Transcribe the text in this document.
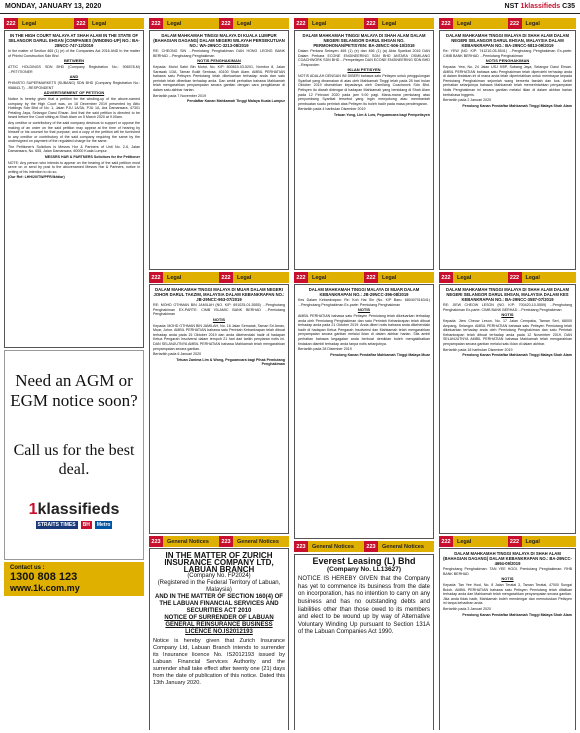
MONDAY, JANUARY 13, 2020	NST 1klassifieds C35
222	Legal	222	Legal
IN THE HIGH COURT MALAYA AT SHAH ALAM IN THE STATE OF SELANGOR DARUL EHSAN (COMPANIES (WINDING-UP) NO.: BA-28NCC-747-12/2019

In the matter of Section 465 (1) (e) of the Companies Act 2016 AND In the matter of Phinisi Construction Sdn Bhd

BETWEEN

ATTIC HOLDINGS SDN BHD (Company Registration No.: 906578-M) ...PETITIONER

AND

PHINISTO SUPERMARKETS (SUBANG) SDN BHD (Company Registration No.: 958843-T) ...RESPONDENT

ADVERTISEMENT OF PETITION

Notice is hereby given that a petition for the winding-up of the above-named company by the High Court was, on 18 December 2019 presented by Attic Holdings Sdn Bhd of No. 1, Jalan PJU 1A/3A, PJU 1A, Ara Damansara, 47301 Petaling Jaya, Selangor Darul Ehsan. And that the said petition is directed to be heard before the Court sitting at Shah Alam on 5 March 2020 at 9.00am.

Any creditor or contributory of the said company desirous to support or oppose the making of an order on the said petition may appear at the time of hearing by himself or his counsel for that purpose; and a copy of the petition will be furnished to any creditor or contributory of the said company requiring the same by the undersigned on payment of the regulated charge for the same.

The Petitioner's Solicitors is Messrs Hor & Partners of Unit No. 2-6, Jalan Damansara, No. 655, Jalan Damansara, 60000 Kuala Lumpur.

MESSRS HAR & PARTNERS Solicitors for the Petitioner

NOTE: Any person who intends to appear on the hearing of the said petition must serve on or send by post to the abovenamed Messrs Har & Partners, notice in writing of his intention to do so.

(Our Ref: LHH/20/TW/PFR/Ikhtiar)

Need an AGM or EGM notice soon?
Call us for the best deal.
1klassifieds
STRAITS TIMES	BH	Metro
Contact us :
1300 808 123
www.1k.com.my
222	Legal	222	Legal
DALAM MAHKAMAH TINGGI MALAYA DI KUALA LUMPUR (BAHAGIAN DAGANG) DALAM NEGERI WILAYAH PERSEKUTUAN NO.: WA-29NCC-3213-08/2019

RE: CHEONG SIN ...Pemiutang Penghakiman DAN HONG LEONG BANK BERHAD ...Penghutang Penghakiman

NOTIS PENGHAKIMAN

Kepada: Mohd Sabri Bin Mohd, No. K/P: 800815-03-5201, Nombor 8, Jalan Sarawak 1/3A, Taman Bukit Sentosa, 40100 Shah Alam. AMBIL PERHATIAN bahawa satu Petisyen Pemiutang telah dikeluarkan terhadap anda dan satu perintah telah diberikan terhadap anda. Dan ambil perhatian bahawa Mahkamah telah mengarahkan penyampaian secara gantian dengan cara pengiklanan di dalam satu akhbar harian.

Bertarikh pada 7 November 2019

Pendaftar Kanan Mahkamah Tinggi Malaya Kuala Lumpur

222	Legal	222	Legal
DALAM MAHKAMAH TINGGI MALAYA DI MUAR DALAM NEGERI JOHOR DARUL TAKZIM, MALAYSIA DALAM KEBANKRAPAN NO.: JB-29NCC-963-07/2019

RE: MOHD OTHMAN BIN JAMILAH (NO. K/P: 691025-01-5555) ...Penghutang Penghakiman EX-PARTE: CIMB ISLAMIC BANK BERHAD ...Pemiutang Penghakiman

NOTIS

Kepada: MOHD OTHMAN BIN JAMILAH, No. 16 Jalan Semarak, Taman Sri Aman, Muar, Johor. AMBIL PERHATIAN bahawa satu Perintah Kebankrapan telah dibuat terhadap anda pada 15 Oktober 2019 dan anda dikehendaki hadir di hadapan Ketua Pengarah Insolvensi dalam tempoh 21 hari dari tarikh penyiaran notis ini. DAN SELANJUTNYA AMBIL PERHATIAN bahawa Mahkamah telah mengarahkan penyampaian secara gantian.

Bertarikh pada 6 Januari 2020

Tetuan Zanima Lim & Wong, Peguamcara bagi Pihak Pemiutang Penghakiman

223	General Notices	223	General Notices
IN THE MATTER OF ZURICH INSURANCE COMPANY LTD, LABUAN BRANCH
(Company No. FP2024)
(Registered in the Federal Territory of Labuan, Malaysia)
AND IN THE MATTER OF SECTION 160(4) OF THE LABUAN FINANCIAL SERVICES AND SECURITIES ACT 2010
NOTICE OF SURRENDER OF LABUAN GENERAL REINSURANCE BUSINESS LICENCE NO.IS2012193

Notice is hereby given that Zurich Insurance Company Ltd, Labuan Branch intends to surrender its Insurance licence No. IS2012193 issued by Labuan Financial Services Authority and the surrender shall take effect after twenty one (21) days from the date of publication of this notice. Dated this 13th January 2020.

222	Legal	222	Legal
DALAM MAHKAMAH TINGGI MALAYA DI SHAH ALAM DALAM NEGERI SELANGOR DARUL EHSAN NO. PERMOHONAN/PETISYEN: BA-28NCC-506-10/2019

Dalam Perkara Seksyen 465 (1) (e) dan 466 (1) (a) Akta Syarikat 2016 DAN Dalam Perkara ECONE ENGINEERING SDN BHD ANTARA OSMILANG COACHWORK SDN BHD ...Pempetisyen DAN ECONE ENGINEERING SDN BHD ...Responden

IKLAN PETISYEN

NOTIS ADALAH DENGAN INI DIBERI bahawa satu Petisyen untuk penggulungan Syarikat yang dinamakan di atas oleh Mahkamah Tinggi telah pada 28 hari bulan Oktober 2019 diserahkan kepadanya oleh Osmilang Coachwork Sdn Bhd. Petisyen itu diarah didengar di hadapan Mahkamah yang bersidang di Shah Alam pada 12 Februari 2020 pada jam 9.00 pagi. Mana-mana pemiutang atau penyumbang Syarikat tersebut yang ingin menyokong atau membantah pembuatan suatu perintah atas Petisyen itu boleh hadir pada masa pendengaran.

Bertarikh pada 4 haribulan Disember 2019

Tetuan Yong, Lim & Low, Peguamcara bagi Pempetisyen

222	Legal	222	Legal
DALAM MAHKAMAH TINGGI MALAYA DI MUAR DALAM KEBANKRAPAN NO.: JB-29NCC-396-08/2019

Kes Dalam Kebankrapan: Re: Koh Hai Sin (No. K/P Baru: 680407016341) ...Penghutang Penghakiman Ex-parte: Pemiutang Penghakiman

NOTIS

AMBIL PERHATIAN bahawa satu Petisyen Pemiutang telah dikeluarkan terhadap anda oleh Pemiutang Penghakiman dan satu Perintah Kebankrapan telah dibuat terhadap anda pada 21 Oktober 2019. Anda diberi notis bahawa anda dikehendaki hadir di hadapan Ketua Pengarah Insolvensi dan Mahkamah telah mengarahkan penyampaian secara gantian melalui iklan di dalam akhbar harian. Sila ambil perhatian bahawa kegagalan anda berbuat demikian boleh mengakibatkan tindakan diambil terhadap anda tanpa notis selanjutnya.

Bertarikh pada 28 Disember 2019

Penolong Kanan Pendaftar Mahkamah Tinggi Malaya Muar

223	General Notices	223	General Notices
Everest Leasing (L) Bhd
(Company No. LL13627)

NOTICE IS HEREBY GIVEN that the Company has yet to commence its business from the date on incorporation, has no intention to carry on any business and has no outstanding debts and liabilities other than those owed to its members and elect to be wound up by way of Alternative Voluntary Winding Up pursuant to Section 131A of the Labuan Companies Act 1990.

222	Legal	222	Legal
DALAM MAHKAMAH TINGGI MALAYA DI SHAH ALAM DALAM NEGERI SELANGOR DARUL EHSAN, MALAYSIA DALAM KEBANKRAPAN NO.: BA-29NCC-5813-09/2019

Re: YEW (NO. K/P: 741210-05-5541) ...Penghutang Penghakiman Ex-parte: CIMB BANK BERHAD ...Pemiutang Penghakiman

NOTIS PENGHAKIMAN

Kepada: Yew, No. 24 Jalan USJ 9/5P, Subang Jaya, Selangor Darul Ehsan. AMBIL PERHATIAN bahawa satu Penghakiman telah diperolehi terhadap anda di dalam tindakan ini di mana anda telah diperintahkan untuk membayar kepada Pemiutang Penghakiman sejumlah wang berserta faedah dan kos. Ambil perhatian selanjutnya bahawa Mahkamah telah memerintahkan penyampaian Notis Penghakiman ini secara gantian melalui iklan di dalam akhbar harian berbahasa Inggeris.

Bertarikh pada 2 Januari 2020

Penolong Kanan Pendaftar Mahkamah Tinggi Malaya Shah Alam

222	Legal	222	Legal
DALAM MAHKAMAH TINGGI MALAYA DI SHAH ALAM DALAM NEGERI SELANGOR DARUL EHSAN, MALAYSIA DALAM KES KEBANKRAPAN NO.: BA-29NCC-3587-07/2019

RE: JIEW CHEOW LESON (NO. K/P: 700420-10-5559) ...Penghutang Penghakiman Ex-parte: CIMB BANK BERHAD ...Pemiutang Penghakiman

NOTIS

Kepada: Jiew Cheow Leson, No. 17 Jalan Cempaka, Taman Seri, 68000 Ampang, Selangor. AMBIL PERHATIAN bahawa satu Petisyen Pemiutang telah dikeluarkan terhadap anda oleh Pemiutang Penghakiman dan satu Perintah Kebankrapan telah dibuat terhadap anda pada 12 November 2019. DAN SELANJUTNYA AMBIL PERHATIAN bahawa Mahkamah telah mengarahkan penyampaian secara gantian melalui satu iklan di dalam akhbar.

Bertarikh pada 18 haribulan Disember 2019

Penolong Kanan Pendaftar Mahkamah Tinggi Malaya Shah Alam

222	Legal	222	Legal
DALAM MAHKAMAH TINGGI MALAYA DI SHAH ALAM (BAHAGIAN DAGANG) DALAM KEBANKRAPAN NO.: BA-29NCC-4694-09/2019

Penghutang Penghakiman: TAN YEE HOOI. Pemiutang Penghakiman: RHB BANK BERHAD

NOTIS

Kepada: Tan Yee Hooi, No. 8 Jalan Teratai 3, Taman Teratai, 47000 Sungai Buloh. AMBIL PERHATIAN bahawa satu Petisyen Pemiutang telah difailkan terhadap anda dan Mahkamah telah mengarahkan penyampaian secara gantian. Jika anda tidak hadir, Mahkamah boleh mendengar dan memutuskan Petisyen ini tanpa kehadiran anda.

Bertarikh pada 3 Januari 2020

Penolong Kanan Pendaftar Mahkamah Tinggi Malaya Shah Alam
